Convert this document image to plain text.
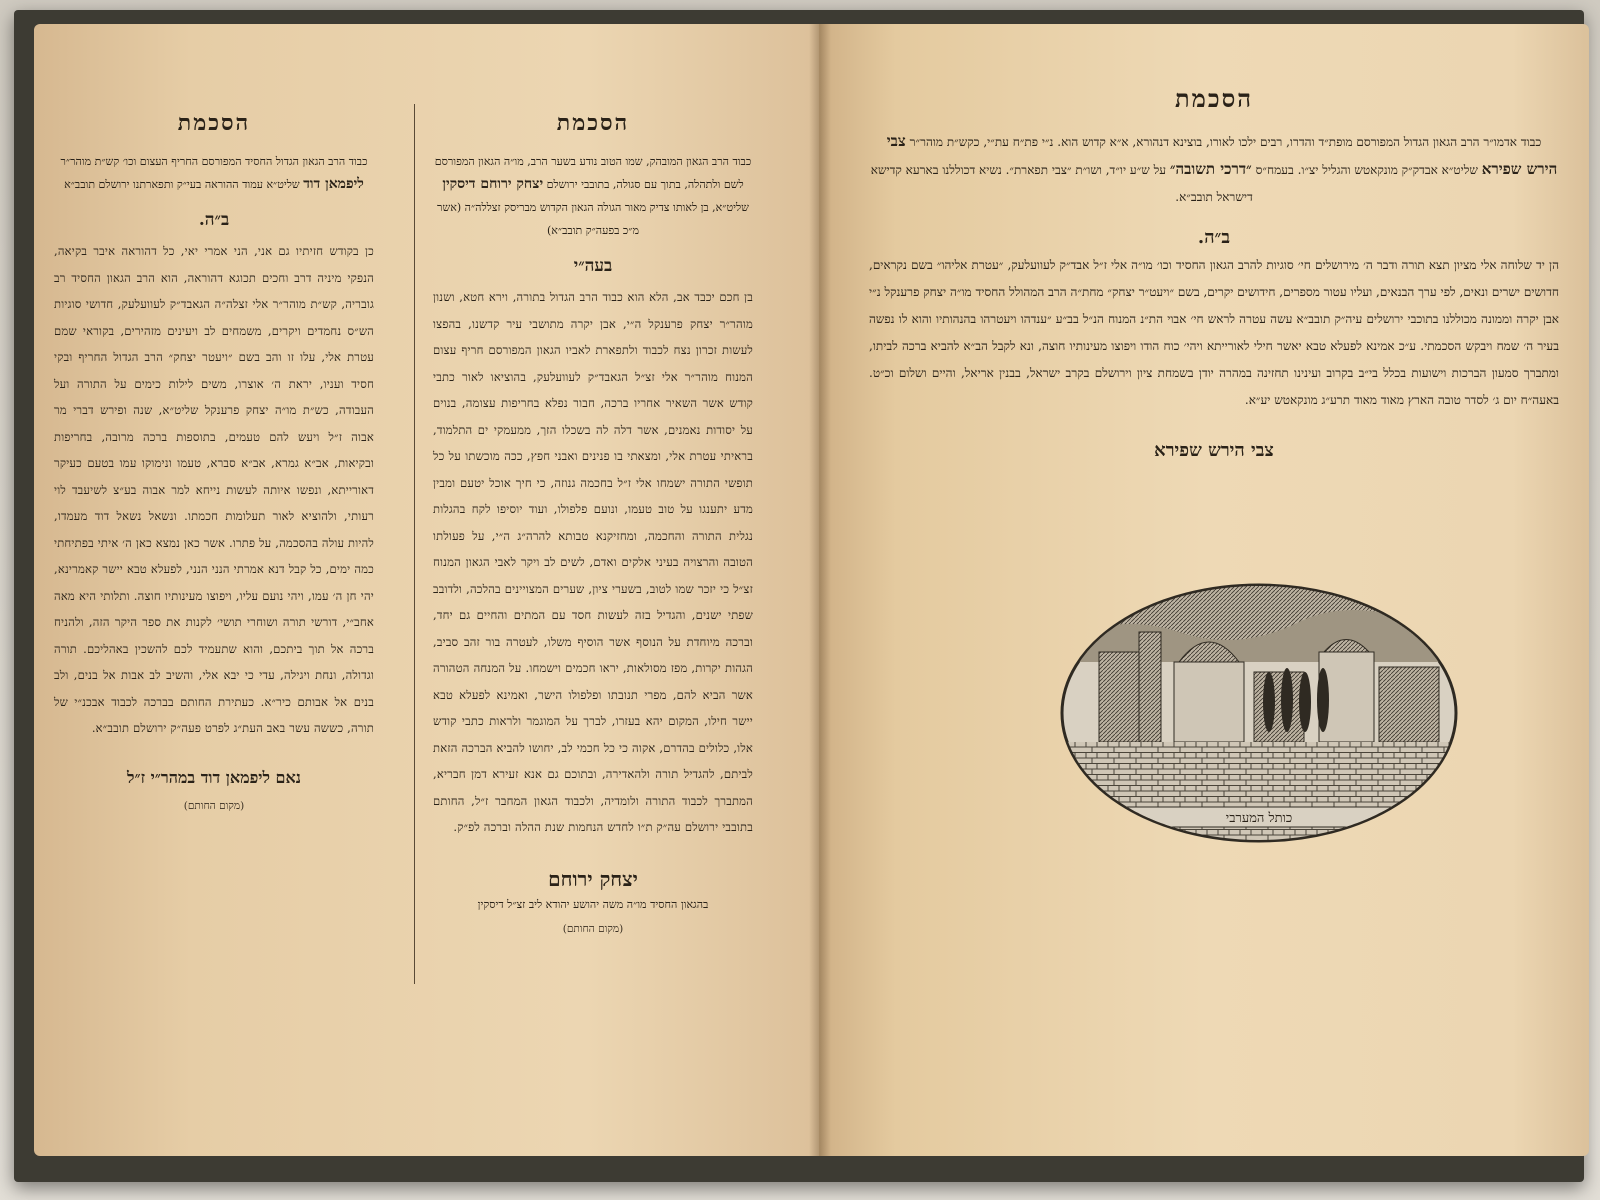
הסכמת
כבוד הרב הגאון המובהק, שמו הטוב נודע בשער הרב, מו״ה הגאון המפורסם לשם ולתהלה, בתוך עם סגולה, בתובבי ירושלם יצחק ירוחם דיסקין שליט״א, בן לאותו צדיק מאור הגולה הגאון הקדוש מבריסק זצללה״ה (אשר מ״כ בפעה״ק תובב״א)
בעה״י
בן חכם יכבד אב, הלא הוא כבוד הרב הגדול בתורה, וירא חטא, ושנון מוהר״ר יצחק פרענקל ה״י, אבן יקרה מתושבי עיר קדשנו, בהפצו לעשות זכרון נצח לכבוד ולתפארת לאביו הגאון המפורסם חריף עצום המנוח מוהר״ר אלי זצ״ל הגאבד״ק לעוועלעק, בהוציאו לאור כתבי קודש אשר השאיר אחריו ברכה, חבור נפלא בחריפות עצומה, בנוים על יסודות נאמנים, אשר דלה לה בשכלו הזך, ממעמקי ים התלמוד, בראיתי עטרת אלי, ומצאתי בו פנינים ואבני חפץ, ככה מוכשתו על כל תופשי התורה ישמחו אלי ז״ל בחכמה גנוזה, כי חיך אוכל יטעם ומבין מדע יתענגו על טוב טעמו, ונועם פלפולו, ועוד יוסיפו לקח בהגלות נגלית התורה והחכמה, ומחזיקנא טבותא להרה״ג ה״י, על פעולתו הטובה והרצויה בעיני אלקים ואדם, לשים לב ויקר לאבי הגאון המנוח זצ״ל כי יזכר שמו לטוב, בשערי ציון, שערים המצויינים בהלכה, ולדובב שפתי ישנים, והגדיל בזה לעשות חסד עם המתים והחיים גם יחד, וברכה מיוחדת על הנוסף אשר הוסיף משלו, לעטרה בור זהב סביב, הגהות יקרות, מפז מסולאות, יראו חכמים וישמחו. על המנחה הטהורה אשר הביא להם, מפרי תנובתו ופלפולו הישר, ואמינא לפעלא טבא יישר חילו, המקום יהא בעזרו, לברך על המוגמר ולראות כתבי קודש אלו, כלולים בהדרם, אקוה כי כל חכמי לב, יחושו להביא הברכה הזאת לביתם, להגדיל תורה ולהאדירה, ובתוכם גם אנא זעירא דמן חבריא, המתברך לכבוד התורה ולומדיה, ולכבוד הגאון המחבר ז״ל, החותם בתובבי ירושלם עה״ק ת״ו לחדש הנחמות שנת ההלה וברכה לפ״ק.
יצחק ירוחם
בהגאון החסיד מו״ה משה יהושע יהודא ליב זצ״ל דיסקין
(מקום החותם)
הסכמת
כבוד הרב הגאון הגדול החסיד המפורסם החריף העצום וכו׳ קש״ת מוהר״ר ליפמאן דוד שליט״א עמוד ההוראה בעי״ק ותפארתנו ירושלם תובב״א
ב״ה.
כן בקודש חזיתיו גם אני, הני אמרי יאי, כל דהוראה איבר בקיאה, הנפקי מיניה דרב וחכים תכוגא דהוראה, הוא הרב הגאון החסיד רב גובריה, קש״ת מוהר״ר אלי זצלה״ה הגאבד״ק לעוועלעק, חדושי סוגיות הש״ס נחמדים ויקרים, משמחים לב ויעינים מזהירים, בקוראי שמם עטרת אלי, עלו זו והב בשם ״ויעטר יצחק״ הרב הגדול החריף ובקי חסיד ועניו, יראת ה׳ אוצרו, משים לילות כימים על התורה ועל העבודה, כש״ת מו״ה יצחק פרענקל שליט״א, שנה ופירש דברי מר אבוה ז״ל ויעש להם טעמים, בתוספות ברכה מרובה, בחריפות ובקיאות, אב״א גמרא, אב״א סברא, טעמו ונימוקו עמו בטעם כעיקר דאורייתא, ונפשו איותה לעשות נייחא למר אבוה בע״צ לשיעבד לוי רעותי, ולהוציא לאור תעלומות חכמתו. ונשאל נשאל דוד מעמדו, להיות עולה בהסכמה, על פתרו. אשר כאן נמצא כאן ה׳ איתי בפתיחתי כמה ימים, כל קבל דנא אמרתי הנני הנני, לפעלא טבא יישר קאמרינא, יהי חן ה׳ עמו, ויהי נועם עליו, ויפוצו מעינותיו חוצה. ותלותי היא מאה אחב״י, דורשי תורה ושוחרי תושי׳ לקנות את ספר היקר הזה, ולהניח ברכה אל תוך ביתכם, והוא שתעמיד לכם להשכין באהליכם. תורה וגדולה, ונחת ויגילה, עדי כי יבא אלי, והשיב לב אבות אל בנים, ולב בנים אל אבותם כיר״א. כעתירת החותם בברכה לכבוד אבכנ״י של תורה, כששה עשר באב העת״ג לפרט פעה״ק ירושלם תובב״א.
נאם ליפמאן דוד במהר״י ז״ל
(מקום החותם)
הסכמת
כבוד אדמו״ר הרב הגאון הגדול המפורסם מופת״ד והדרו, רבים ילכו לאורו, בוצינא דנהורא, א״א קדוש הוא. נ״י פת״ח עת״י, כקש״ת מוהר״ר צבי הירש שפירא שליט״א אבדק״ק מונקאטש והגליל יצ״ו. בעמח״ס ״דרכי תשובה״ על ש״ע יו״ד, ושו״ת ״צבי תפארת״. נשיא דכוללנו בארעא קדישא דישראל תובב״א.
ב״ה.
הן יד שלוחה אלי מציון תצא תורה ודבר ה׳ מירושלים חי׳ סוגיות להרב הגאון החסיד וכו׳ מו״ה אלי ז״ל אבד״ק לעוועלעק, ״עטרת אליהו״ בשם נקראים, חדושים ישרים ונאים, לפי ערך הבנאים, ועליו עטור מספרים, חידושים יקרים, בשם ״ויעט״ר יצחק״ מחת״ה הרב המהולל החסיד מו״ה יצחק פרענקל נ״י אבן יקרה וממונה מכוללנו בתוכבי ירושלים עיה״ק תובב״א עשה עטרה לראש חי׳ אבוי הת״נ המנוח הנ״ל בב״ע ״ענדהו ויעטרהו בהנהותיו והוא לו נפשה בעיר ה׳ שמח ויבקש הסכמתי. ע״כ אמינא לפעלא טבא יאשר חילי לאורייתא ויהי׳ כוח הודו ויפוצו מעינותיו חוצה, ונא לקבל הב״א להביא ברכה לביתו, ומתברך סמעון הברכות וישועות בכלל בי״ב בקרוב ועינינו תחזינה במהרה יודן בשמחת ציון וירושלם בקרב ישראל, בבנין אריאל, והיים ושלום וכ״ט. באעה״ח יום ג׳ לסדר טובה הארץ מאוד מאוד תרע״ג מונקאטש יע״א.
צבי הירש שפירא
כותל המערבי
